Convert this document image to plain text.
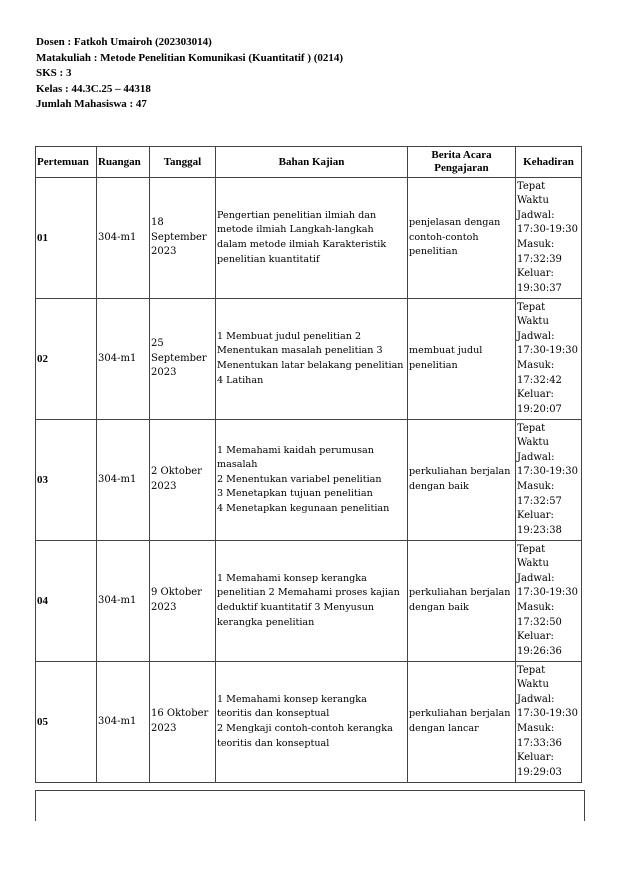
Dosen : Fatkoh Umairoh (202303014)
Matakuliah : Metode Penelitian Komunikasi (Kuantitatif ) (0214)
SKS : 3
Kelas : 44.3C.25 – 44318
Jumlah Mahasiswa : 47
Pertemuan	Ruangan	Tanggal	Bahan Kajian	Berita Acara Pengajaran	Kehadiran
01	304-m1	18 September 2023	Pengertian penelitian ilmiah dan
metode ilmiah Langkah-langkah
dalam metode ilmiah Karakteristik
penelitian kuantitatif	penjelasan dengan contoh-contoh penelitian	Tepat Waktu Jadwal: 17:30-19:30 Masuk: 17:32:39 Keluar: 19:30:37
02	304-m1	25 September 2023	1 Membuat judul penelitian 2
Menentukan masalah penelitian 3
Menentukan latar belakang penelitian
4 Latihan	membuat judul penelitian	Tepat Waktu Jadwal: 17:30-19:30 Masuk: 17:32:42 Keluar: 19:20:07
03	304-m1	2 Oktober 2023	1 Memahami kaidah perumusan
masalah
2 Menentukan variabel penelitian
3 Menetapkan tujuan penelitian
4 Menetapkan kegunaan penelitian	perkuliahan berjalan dengan baik	Tepat Waktu Jadwal: 17:30-19:30 Masuk: 17:32:57 Keluar: 19:23:38
04	304-m1	9 Oktober 2023	1 Memahami konsep kerangka
penelitian 2 Memahami proses kajian
deduktif kuantitatif 3 Menyusun
kerangka penelitian	perkuliahan berjalan dengan baik	Tepat Waktu Jadwal: 17:30-19:30 Masuk: 17:32:50 Keluar: 19:26:36
05	304-m1	16 Oktober 2023	1 Memahami konsep kerangka
teoritis dan konseptual
2 Mengkaji contoh-contoh kerangka
teoritis dan konseptual	perkuliahan berjalan dengan lancar	Tepat Waktu Jadwal: 17:30-19:30 Masuk: 17:33:36 Keluar: 19:29:03
